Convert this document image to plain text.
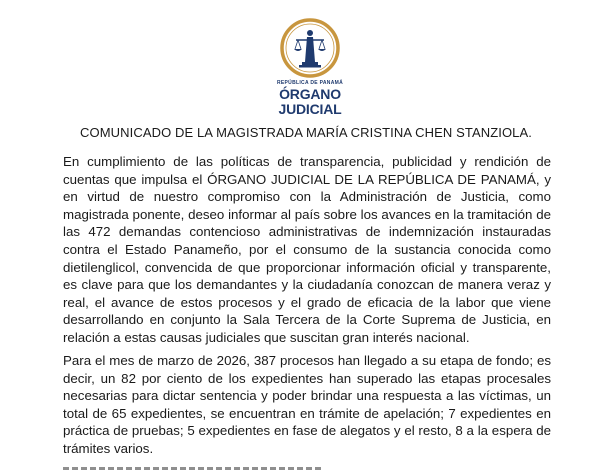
REPÚBLICA DE PANAMÁ
ÓRGANO
JUDICIAL
COMUNICADO DE LA MAGISTRADA MARÍA CRISTINA CHEN STANZIOLA.

En cumplimiento de las políticas de transparencia, publicidad y rendición de cuentas que impulsa el ÓRGANO JUDICIAL DE LA REPÚBLICA DE PANAMÁ, y en virtud de nuestro compromiso con la Administración de Justicia, como magistrada ponente, deseo informar al país sobre los avances en la tramitación de las 472 demandas contencioso administrativas de indemnización instauradas contra el Estado Panameño, por el consumo de la sustancia conocida como dietilenglicol, convencida de que proporcionar información oficial y transparente, es clave para que los demandantes y la ciudadanía conozcan de manera veraz y real, el avance de estos procesos y el grado de eficacia de la labor que viene desarrollando en conjunto la Sala Tercera de la Corte Suprema de Justicia, en relación a estas causas judiciales que suscitan gran interés nacional.

Para el mes de marzo de 2026, 387 procesos han llegado a su etapa de fondo; es decir, un 82 por ciento de los expedientes han superado las etapas procesales necesarias para dictar sentencia y poder brindar una respuesta a las víctimas, un total de 65 expedientes, se encuentran en trámite de apelación; 7 expedientes en práctica de pruebas; 5 expedientes en fase de alegatos y el resto, 8 a la espera de trámites varios.
